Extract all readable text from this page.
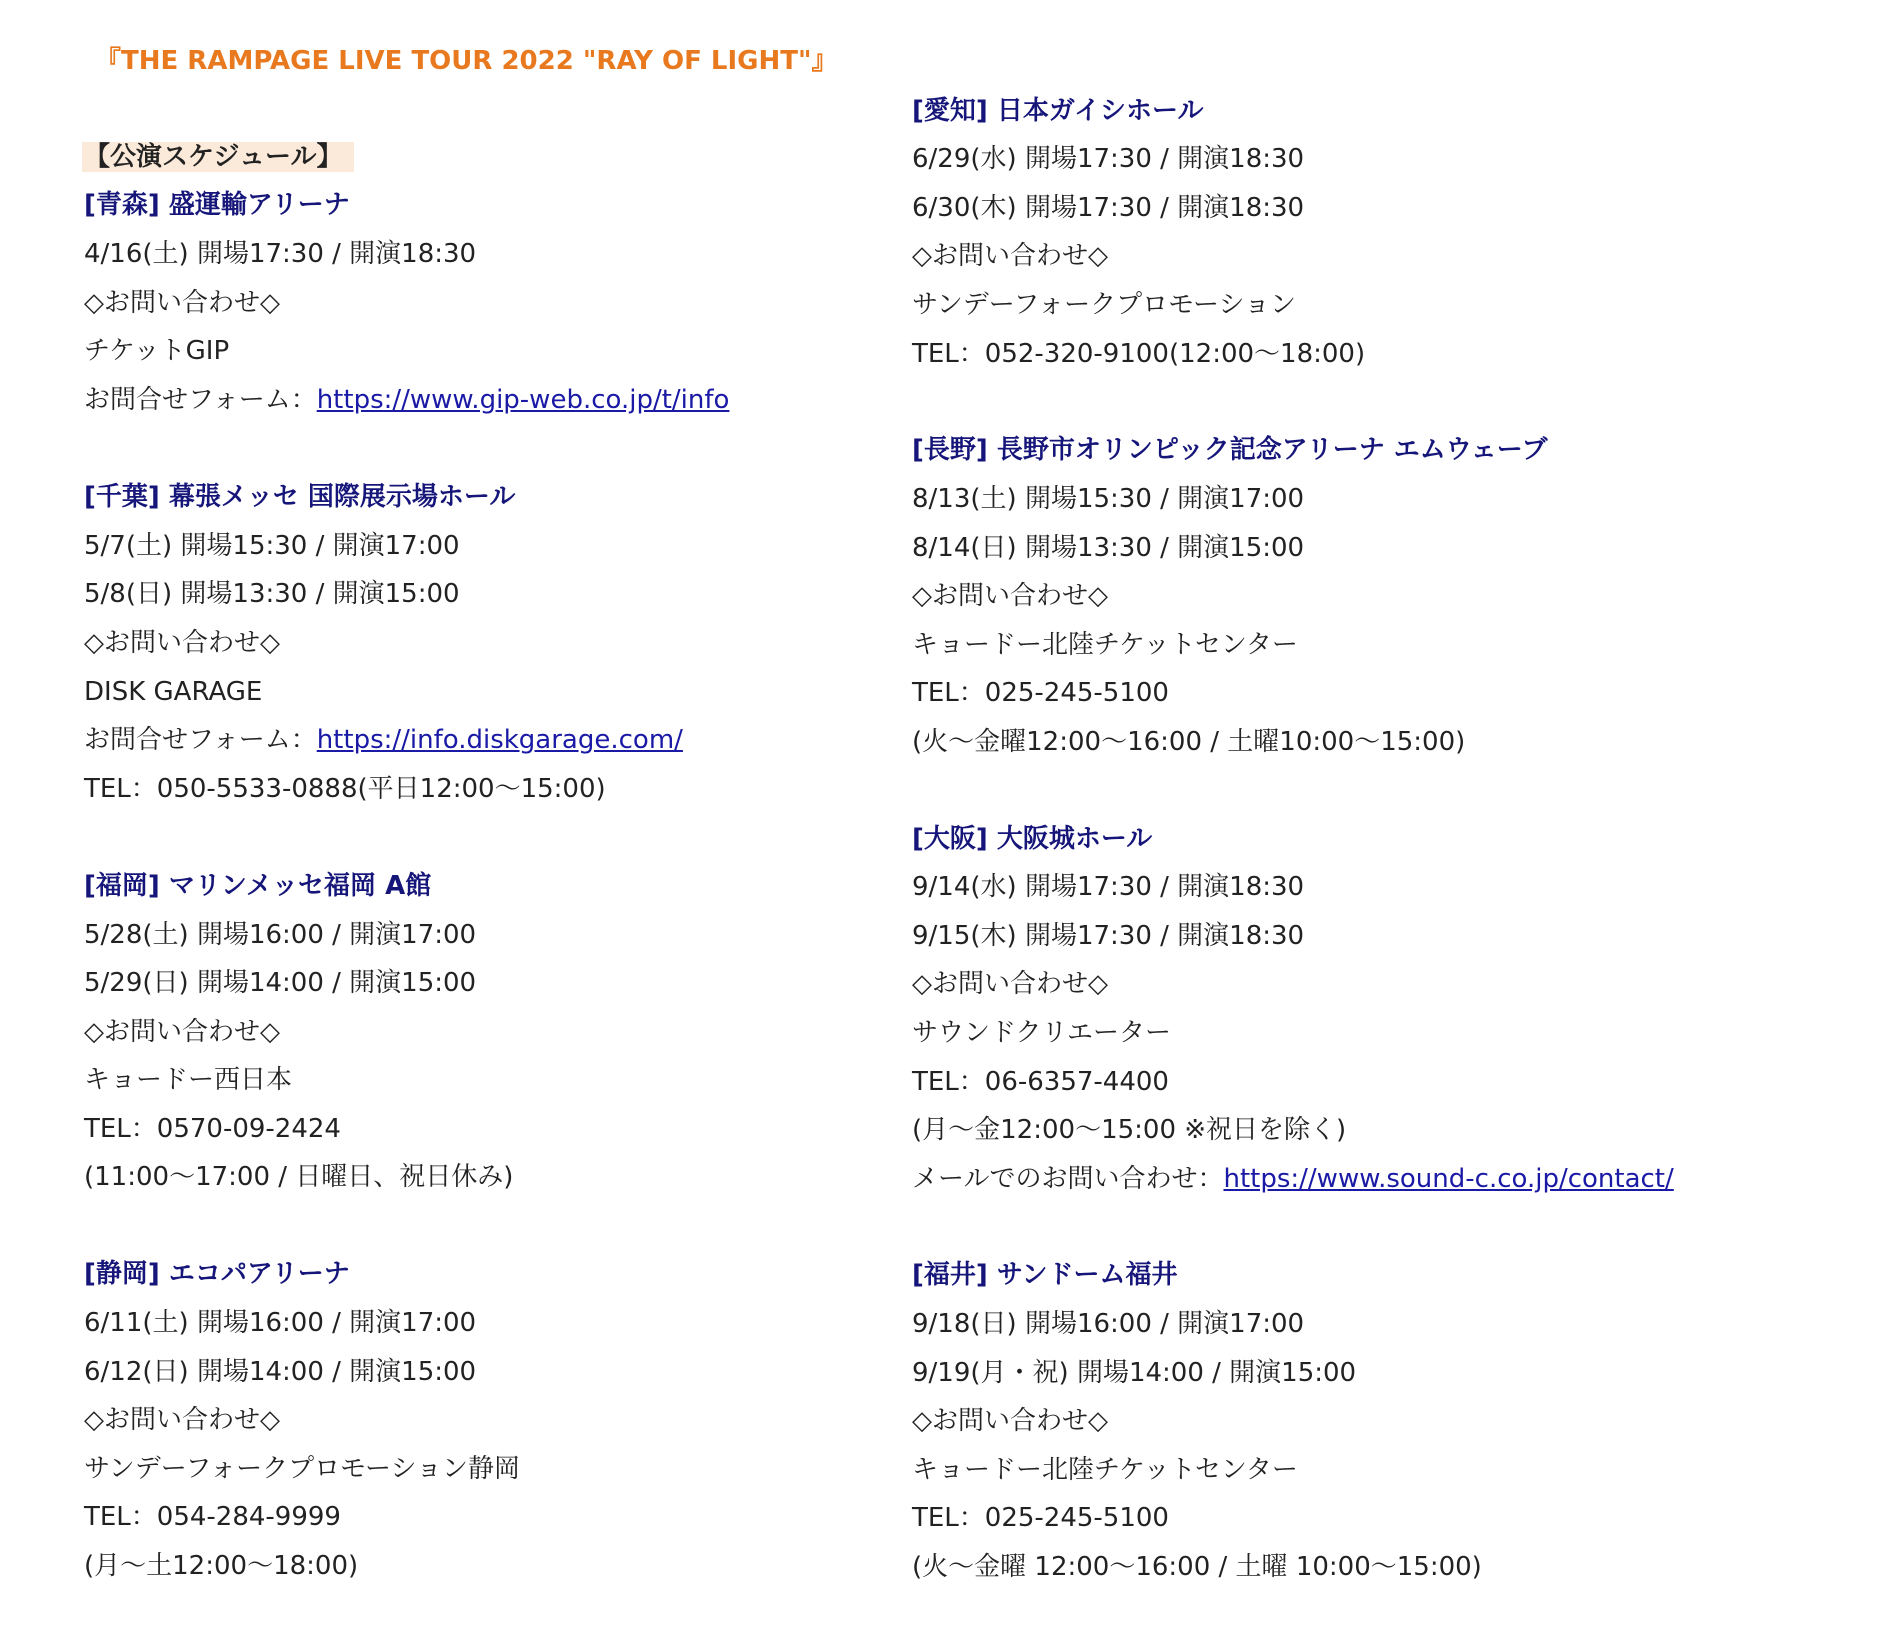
『THE RAMPAGE LIVE TOUR 2022 "RAY OF LIGHT"』
【公演スケジュール】
[青森] 盛運輸アリーナ
4/16(土) 開場17:30 / 開演18:30
◇お問い合わせ◇
チケットGIP
お問合せフォーム：https://www.gip-web.co.jp/t/info
[千葉] 幕張メッセ 国際展示場ホール
5/7(土) 開場15:30 / 開演17:00
5/8(日) 開場13:30 / 開演15:00
◇お問い合わせ◇
DISK GARAGE
お問合せフォーム：https://info.diskgarage.com/
TEL：050-5533-0888(平日12:00〜15:00)
[福岡] マリンメッセ福岡 A館
5/28(土) 開場16:00 / 開演17:00
5/29(日) 開場14:00 / 開演15:00
◇お問い合わせ◇
キョードー西日本
TEL：0570-09-2424
(11:00〜17:00 / 日曜日、祝日休み)
[静岡] エコパアリーナ
6/11(土) 開場16:00 / 開演17:00
6/12(日) 開場14:00 / 開演15:00
◇お問い合わせ◇
サンデーフォークプロモーション静岡
TEL：054-284-9999
(月〜土12:00〜18:00)
[愛知] 日本ガイシホール
6/29(水) 開場17:30 / 開演18:30
6/30(木) 開場17:30 / 開演18:30
◇お問い合わせ◇
サンデーフォークプロモーション
TEL：052-320-9100(12:00〜18:00)
[長野] 長野市オリンピック記念アリーナ エムウェーブ
8/13(土) 開場15:30 / 開演17:00
8/14(日) 開場13:30 / 開演15:00
◇お問い合わせ◇
キョードー北陸チケットセンター
TEL：025-245-5100
(火〜金曜12:00〜16:00 / 土曜10:00〜15:00)
[大阪] 大阪城ホール
9/14(水) 開場17:30 / 開演18:30
9/15(木) 開場17:30 / 開演18:30
◇お問い合わせ◇
サウンドクリエーター
TEL：06-6357-4400
(月〜金12:00〜15:00 ※祝日を除く)
メールでのお問い合わせ：https://www.sound-c.co.jp/contact/
[福井] サンドーム福井
9/18(日) 開場16:00 / 開演17:00
9/19(月・祝) 開場14:00 / 開演15:00
◇お問い合わせ◇
キョードー北陸チケットセンター
TEL：025-245-5100
(火〜金曜 12:00〜16:00 / 土曜 10:00〜15:00)
